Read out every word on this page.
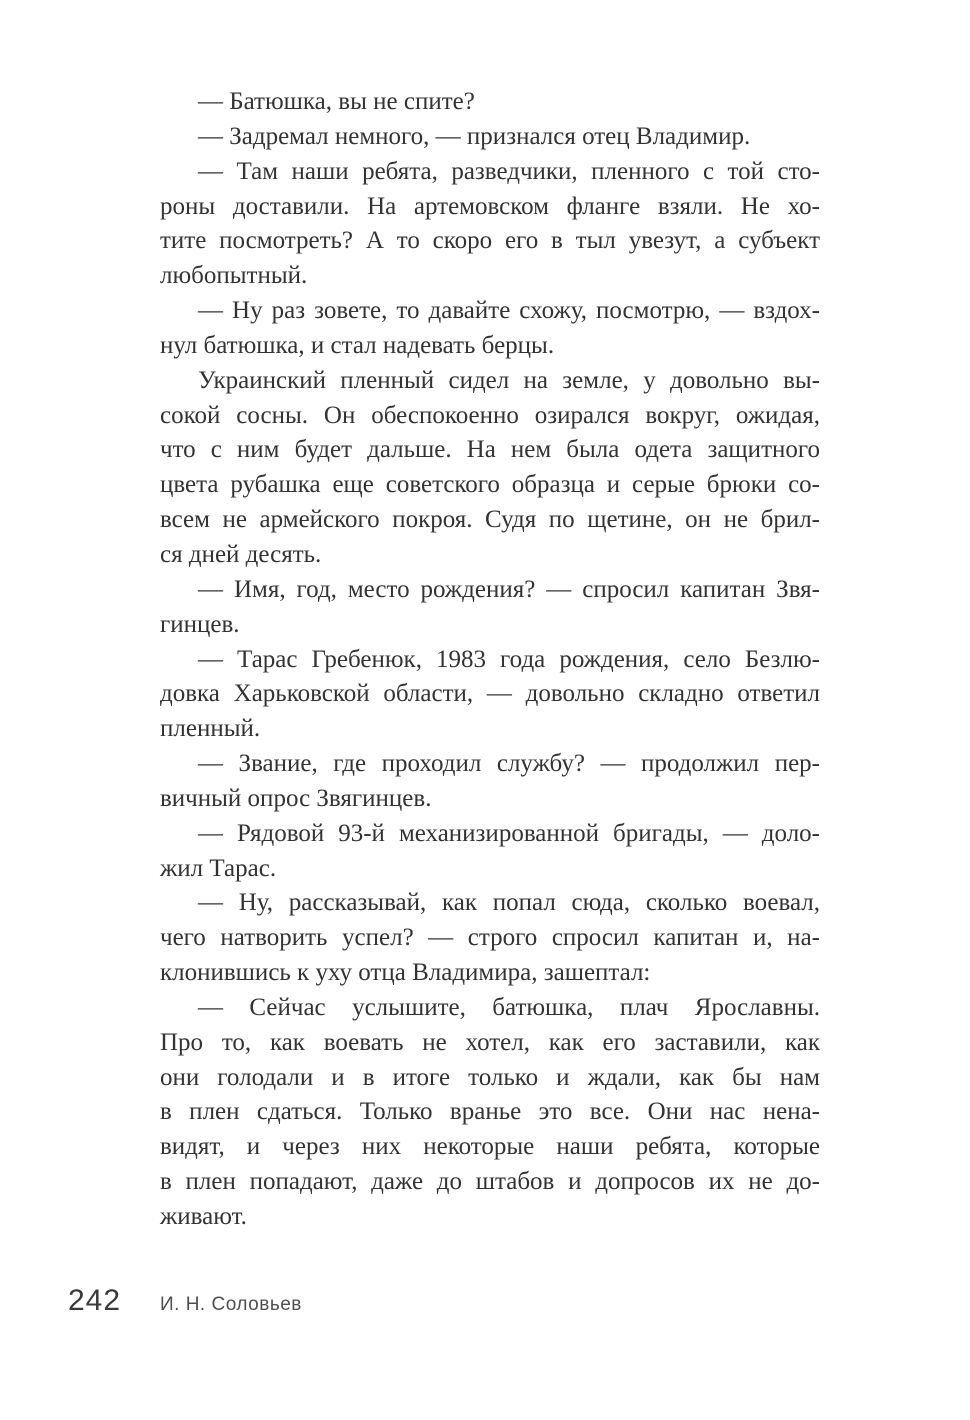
— Батюшка, вы не спите?
— Задремал немного, — признался отец Владимир.
— Там наши ребята, разведчики, пленного с той сто-
роны доставили. На артемовском фланге взяли. Не хо-
тите посмотреть? А то скоро его в тыл увезут, а субъект
любопытный.
— Ну раз зовете, то давайте схожу, посмотрю, — вздох-
нул батюшка, и стал надевать берцы.
Украинский пленный сидел на земле, у довольно вы-
сокой сосны. Он обеспокоенно озирался вокруг, ожидая,
что с ним будет дальше. На нем была одета защитного
цвета рубашка еще советского образца и серые брюки со-
всем не армейского покроя. Судя по щетине, он не брил-
ся дней десять.
— Имя, год, место рождения? — спросил капитан Звя-
гинцев.
— Тарас Гребенюк, 1983 года рождения, село Безлю-
довка Харьковской области, — довольно складно ответил
пленный.
— Звание, где проходил службу? — продолжил пер-
вичный опрос Звягинцев.
— Рядовой 93-й механизированной бригады, — доло-
жил Тарас.
— Ну, рассказывай, как попал сюда, сколько воевал,
чего натворить успел? — строго спросил капитан и, на-
клонившись к уху отца Владимира, зашептал:
— Сейчас услышите, батюшка, плач Ярославны.
Про то, как воевать не хотел, как его заставили, как
они голодали и в итоге только и ждали, как бы нам
в плен сдаться. Только вранье это все. Они нас нена-
видят, и через них некоторые наши ребята, которые
в плен попадают, даже до штабов и допросов их не до-
живают.
242	И. Н. Соловьев
